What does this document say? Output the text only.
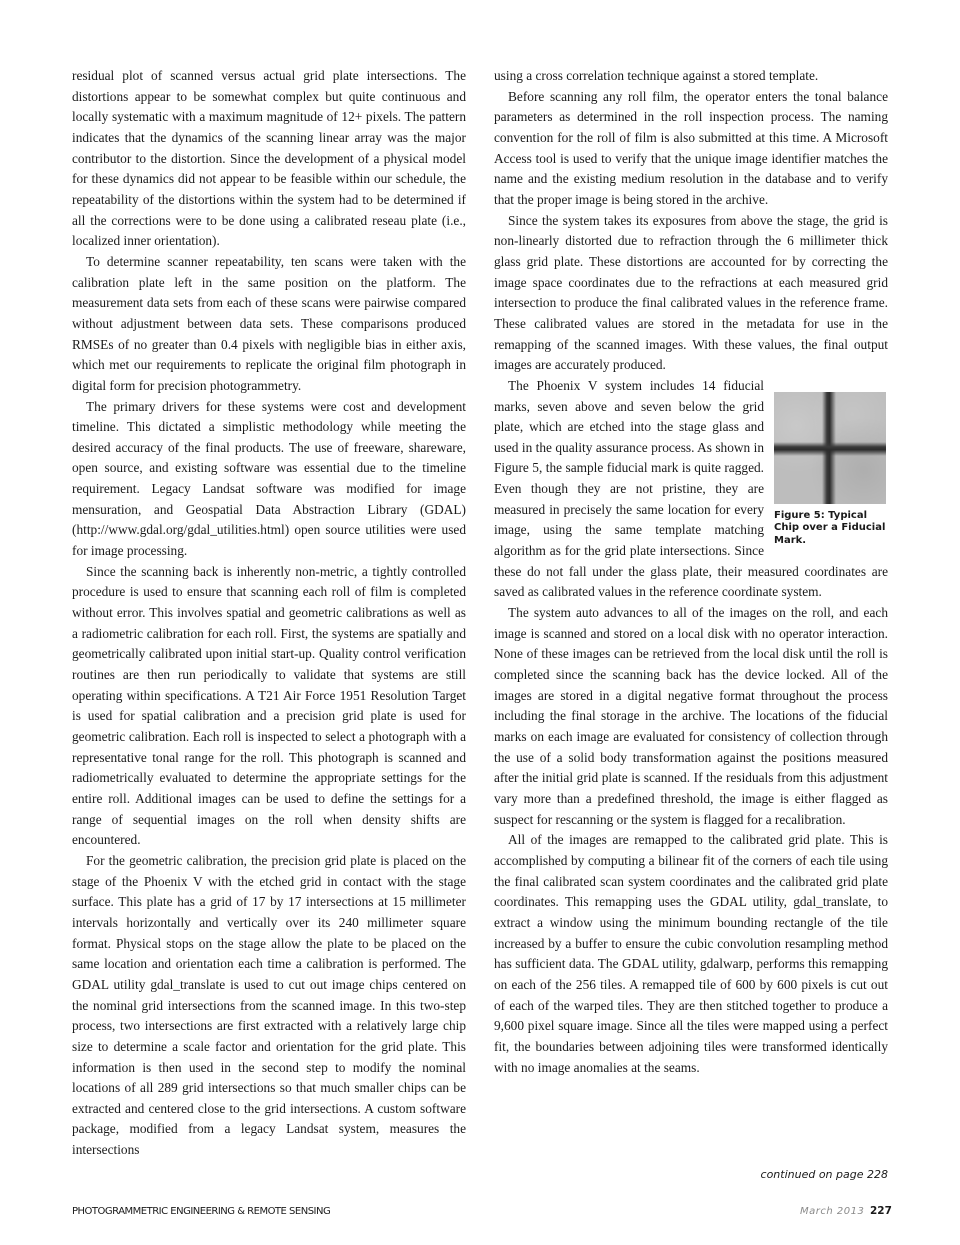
residual plot of scanned versus actual grid plate intersections. The distortions appear to be somewhat complex but quite continuous and locally systematic with a maximum magnitude of 12+ pixels. The pattern indicates that the dynamics of the scanning linear array was the major contributor to the distortion. Since the development of a physical model for these dynamics did not appear to be feasible within our schedule, the repeatability of the distortions within the system had to be determined if all the corrections were to be done using a calibrated reseau plate (i.e., localized inner orientation).

To determine scanner repeatability, ten scans were taken with the calibration plate left in the same position on the platform. The measurement data sets from each of these scans were pairwise compared without adjustment between data sets. These comparisons produced RMSEs of no greater than 0.4 pixels with negligible bias in either axis, which met our requirements to replicate the original film photograph in digital form for precision photogrammetry.

The primary drivers for these systems were cost and development timeline. This dictated a simplistic methodology while meeting the desired accuracy of the final products. The use of freeware, shareware, open source, and existing software was essential due to the timeline requirement. Legacy Landsat software was modified for image mensuration, and Geospatial Data Abstraction Library (GDAL) (http://www.gdal.org/gdal_utilities.html) open source utilities were used for image processing.

Since the scanning back is inherently non-metric, a tightly controlled procedure is used to ensure that scanning each roll of film is completed without error. This involves spatial and geometric calibrations as well as a radiometric calibration for each roll. First, the systems are spatially and geometrically calibrated upon initial start-up. Quality control verification routines are then run periodically to validate that systems are still operating within specifications. A T21 Air Force 1951 Resolution Target is used for spatial calibration and a precision grid plate is used for geometric calibration. Each roll is inspected to select a photograph with a representative tonal range for the roll. This photograph is scanned and radiometrically evaluated to determine the appropriate settings for the entire roll. Additional images can be used to define the settings for a range of sequential images on the roll when density shifts are encountered.

For the geometric calibration, the precision grid plate is placed on the stage of the Phoenix V with the etched grid in contact with the stage surface. This plate has a grid of 17 by 17 intersections at 15 millimeter intervals horizontally and vertically over its 240 millimeter square format. Physical stops on the stage allow the plate to be placed on the same location and orientation each time a calibration is performed. The GDAL utility gdal_translate is used to cut out image chips centered on the nominal grid intersections from the scanned image. In this two-step process, two intersections are first extracted with a relatively large chip size to determine a scale factor and orientation for the grid plate. This information is then used in the second step to modify the nominal locations of all 289 grid intersections so that much smaller chips can be extracted and centered close to the grid intersections. A custom software package, modified from a legacy Landsat system, measures the intersections

using a cross correlation technique against a stored template.

Before scanning any roll film, the operator enters the tonal balance parameters as determined in the roll inspection process. The naming convention for the roll of film is also submitted at this time. A Microsoft Access tool is used to verify that the unique image identifier matches the name and the existing medium resolution in the database and to verify that the proper image is being stored in the archive.

Since the system takes its exposures from above the stage, the grid is non-linearly distorted due to refraction through the 6 millimeter thick glass grid plate. These distortions are accounted for by correcting the image space coordinates due to the refractions at each measured grid intersection to produce the final calibrated values in the reference frame. These calibrated values are stored in the metadata for use in the remapping of the scanned images. With these values, the final output images are accurately produced.

Figure 5: Typical Chip over a Fiducial Mark.

The Phoenix V system includes 14 fiducial marks, seven above and seven below the grid plate, which are etched into the stage glass and used in the quality assurance process. As shown in Figure 5, the sample fiducial mark is quite ragged. Even though they are not pristine, they are measured in precisely the same location for every image, using the same template matching algorithm as for the grid plate intersections. Since these do not fall under the glass plate, their measured coordinates are saved as calibrated values in the reference coordinate system.

The system auto advances to all of the images on the roll, and each image is scanned and stored on a local disk with no operator interaction. None of these images can be retrieved from the local disk until the roll is completed since the scanning back has the device locked. All of the images are stored in a digital negative format throughout the process including the final storage in the archive. The locations of the fiducial marks on each image are evaluated for consistency of collection through the use of a solid body transformation against the positions measured after the initial grid plate is scanned. If the residuals from this adjustment vary more than a predefined threshold, the image is either flagged as suspect for rescanning or the system is flagged for a recalibration.

All of the images are remapped to the calibrated grid plate. This is accomplished by computing a bilinear fit of the corners of each tile using the final calibrated scan system coordinates and the calibrated grid plate coordinates. This remapping uses the GDAL utility, gdal_translate, to extract a window using the minimum bounding rectangle of the tile increased by a buffer to ensure the cubic convolution resampling method has sufficient data. The GDAL utility, gdalwarp, performs this remapping on each of the 256 tiles. A remapped tile of 600 by 600 pixels is cut out of each of the warped tiles. They are then stitched together to produce a 9,600 pixel square image. Since all the tiles were mapped using a perfect fit, the boundaries between adjoining tiles were transformed identically with no image anomalies at the seams.

continued on page 228
PHOTOGRAMMETRIC ENGINEERING & REMOTE SENSING	March 2013 227
